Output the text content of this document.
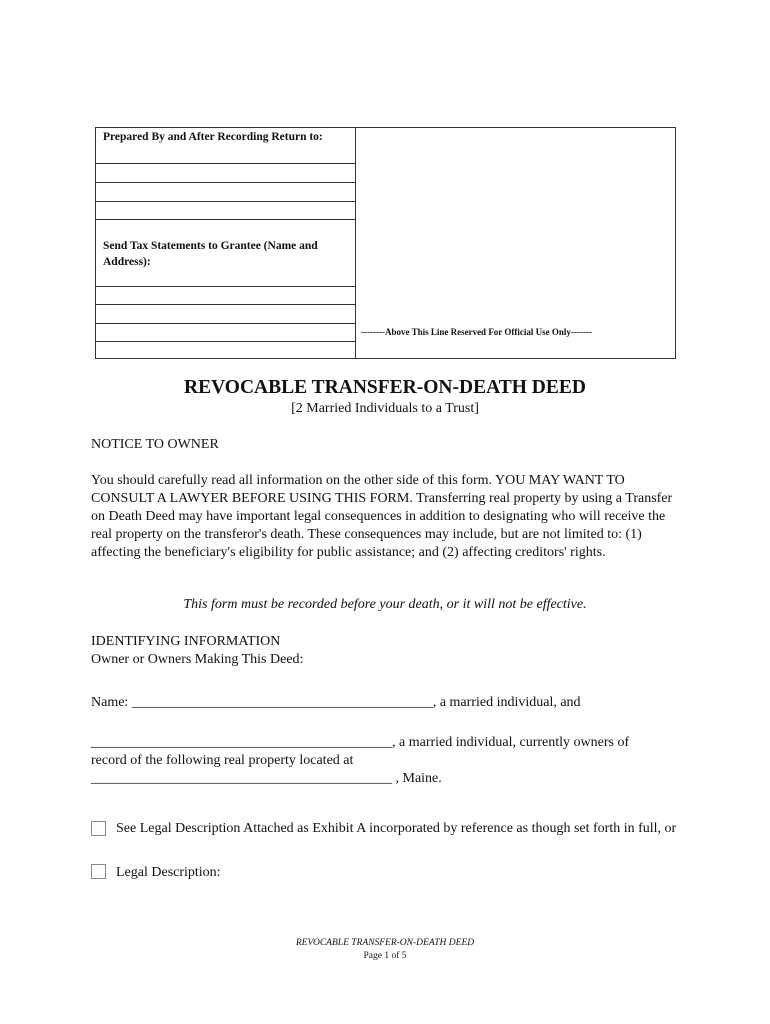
Prepared By and After Recording Return to:
Send Tax Statements to Grantee (Name and Address):
--------Above This Line Reserved For Official Use Only-------
REVOCABLE TRANSFER-ON-DEATH DEED
[2 Married Individuals to a Trust]
NOTICE TO OWNER
You should carefully read all information on the other side of this form. YOU MAY WANT TO CONSULT A LAWYER BEFORE USING THIS FORM. Transferring real property by using a Transfer on Death Deed may have important legal consequences in addition to designating who will receive the real property on the transferor's death. These consequences may include, but are not limited to: (1) affecting the beneficiary's eligibility for public assistance; and (2) affecting creditors' rights.
This form must be recorded before your death, or it will not be effective.
IDENTIFYING INFORMATION
Owner or Owners Making This Deed:
Name: ___________________________________________, a married individual, and
___________________________________________, a married individual, currently owners of
record of the following real property located at
___________________________________________ , Maine.
See Legal Description Attached as Exhibit A incorporated by reference as though set forth in full, or
Legal Description:
REVOCABLE TRANSFER-ON-DEATH DEED
Page 1 of 5
